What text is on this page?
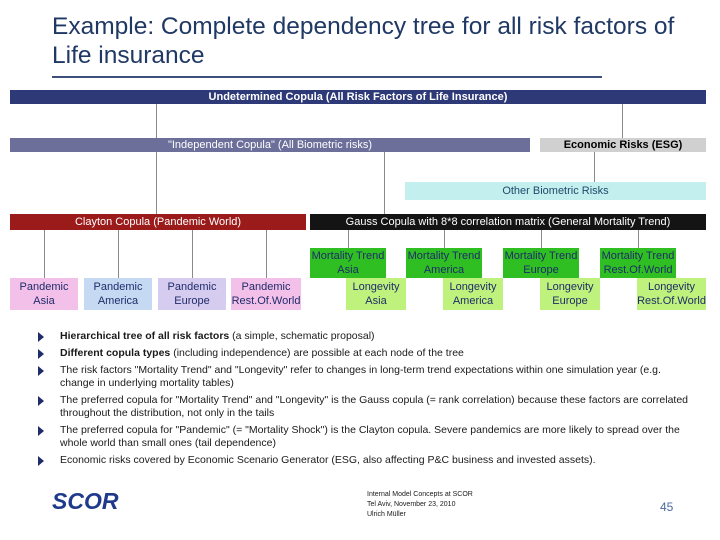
Example: Complete dependency tree for all risk factors of Life insurance
Undetermined Copula (All Risk Factors of Life Insurance)
"Independent Copula" (All Biometric risks)	Economic Risks (ESG)
Other Biometric Risks
Clayton Copula (Pandemic World)	Gauss Copula with 8*8 correlation matrix (General Mortality Trend)
Mortality Trend
Asia
Mortality Trend
America
Mortality Trend
Europe
Mortality Trend
Rest.Of.World
Pandemic
Asia
Pandemic
America
Pandemic
Europe
Pandemic
Rest.Of.World
Longevity
Asia
Longevity
America
Longevity
Europe
Longevity
Rest.Of.World
Hierarchical tree of all risk factors (a simple, schematic proposal)
Different copula types (including independence) are possible at each node of the tree
The risk factors "Mortality Trend" and "Longevity" refer to changes in long-term trend expectations within one simulation year (e.g. change in underlying mortality tables)
The preferred copula for "Mortality Trend" and "Longevity" is the Gauss copula (= rank correlation) because these factors are correlated throughout the distribution, not only in the tails
The preferred copula for "Pandemic" (= "Mortality Shock") is the Clayton copula. Severe pandemics are more likely to spread over the whole world than small ones (tail dependence)
Economic risks covered by Economic Scenario Generator (ESG, also affecting P&C business and invested assets).
SCOR	Internal Model Concepts at SCOR
Tel Aviv, November 23, 2010
Ulrich Müller
45
